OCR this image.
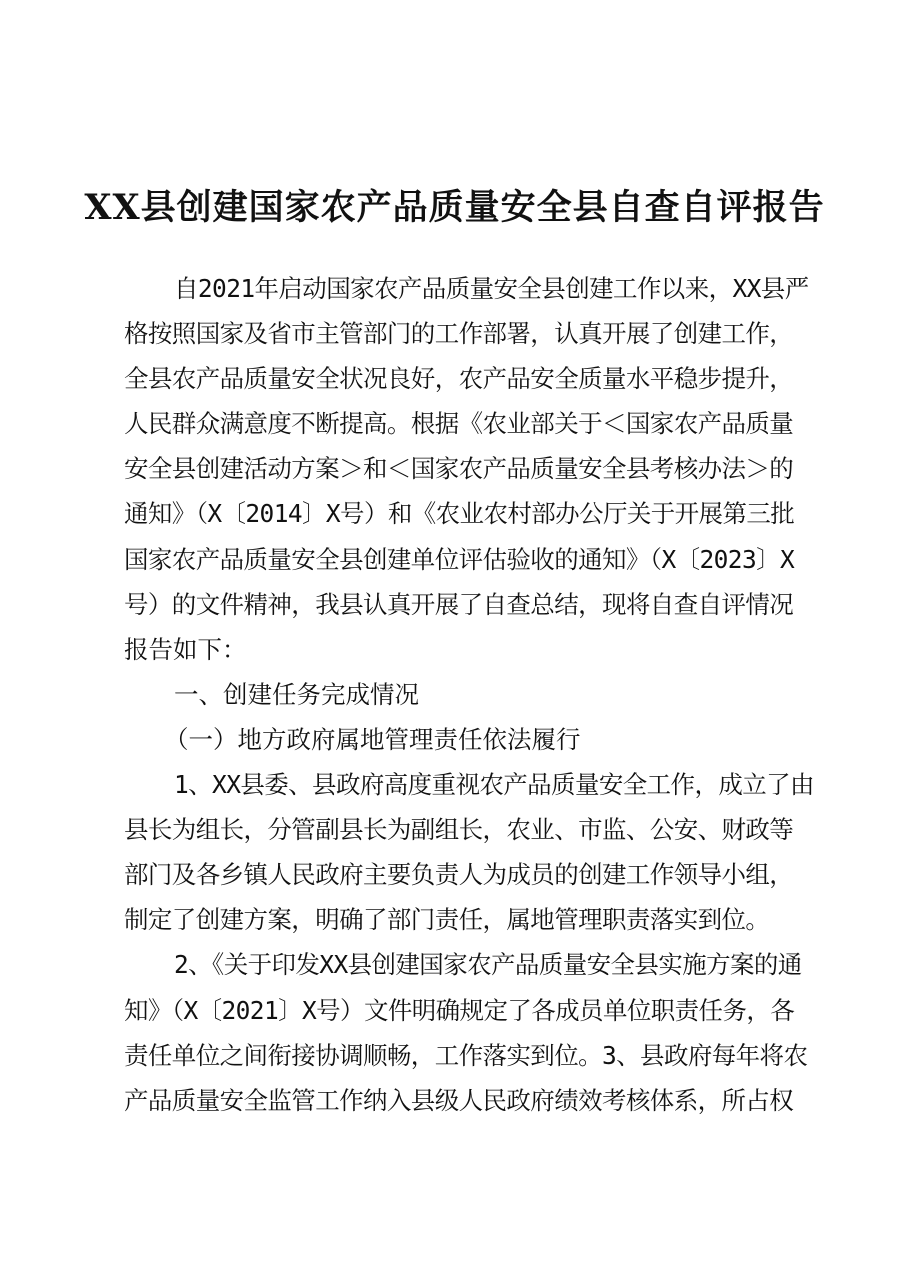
XX县创建国家农产品质量安全县自查自评报告
自2021年启动国家农产品质量安全县创建工作以来，XX县严
格按照国家及省市主管部门的工作部署，认真开展了创建工作，
全县农产品质量安全状况良好，农产品安全质量水平稳步提升，
人民群众满意度不断提高。根据《农业部关于＜国家农产品质量
安全县创建活动方案＞和＜国家农产品质量安全县考核办法＞的
通知》（X〔2014〕X号）和《农业农村部办公厅关于开展第三批
国家农产品质量安全县创建单位评估验收的通知》（X〔2023〕X
号）的文件精神，我县认真开展了自查总结，现将自查自评情况
报告如下：
一、创建任务完成情况
（一）地方政府属地管理责任依法履行
1、XX县委、县政府高度重视农产品质量安全工作，成立了由
县长为组长，分管副县长为副组长，农业、市监、公安、财政等
部门及各乡镇人民政府主要负责人为成员的创建工作领导小组，
制定了创建方案，明确了部门责任，属地管理职责落实到位。
2、《关于印发XX县创建国家农产品质量安全县实施方案的通
知》（X〔2021〕X号）文件明确规定了各成员单位职责任务，各
责任单位之间衔接协调顺畅，工作落实到位。3、县政府每年将农
产品质量安全监管工作纳入县级人民政府绩效考核体系，所占权
